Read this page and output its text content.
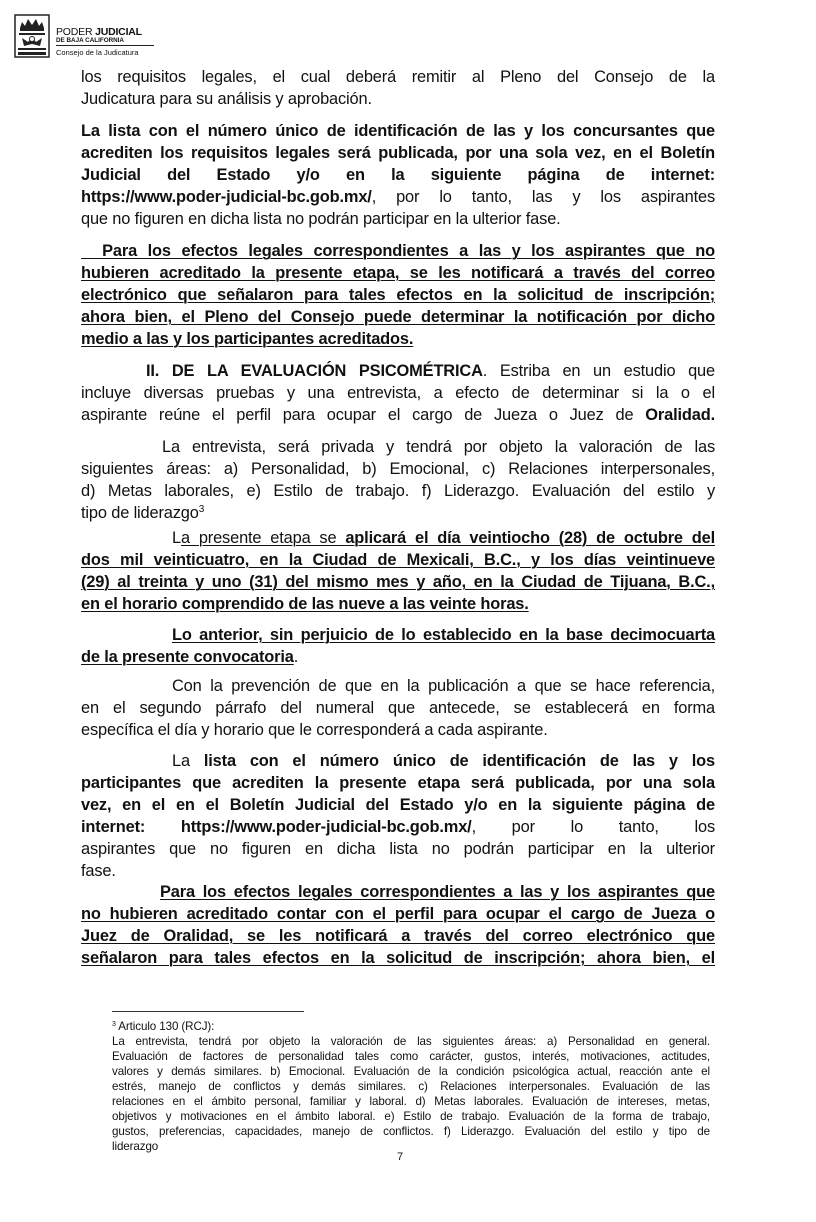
PODER JUDICIAL
DE BAJA CALIFORNIA
Consejo de la Judicatura
los requisitos legales, el cual deberá remitir al Pleno del Consejo de la
Judicatura para su análisis y aprobación.
La lista con el número único de identificación de las y los concursantes que
acrediten los requisitos legales será publicada, por una sola vez, en el Boletín
Judicial del Estado y/o en la siguiente página de internet:
https://www.poder-judicial-bc.gob.mx/, por lo tanto, las y los aspirantes
que no figuren en dicha lista no podrán participar en la ulterior fase.
Para los efectos legales correspondientes a las y los aspirantes que no
hubieren acreditado la presente etapa, se les notificará a través del correo
electrónico que señalaron para tales efectos en la solicitud de inscripción;
ahora bien, el Pleno del Consejo puede determinar la notificación por dicho
medio a las y los participantes acreditados.
II. DE LA EVALUACIÓN PSICOMÉTRICA. Estriba en un estudio que
incluye diversas pruebas y una entrevista, a efecto de determinar si la o el
aspirante reúne el perfil para ocupar el cargo de Jueza o Juez de Oralidad.
La entrevista, será privada y tendrá por objeto la valoración de las
siguientes áreas: a) Personalidad, b) Emocional, c) Relaciones interpersonales,
d) Metas laborales, e) Estilo de trabajo. f) Liderazgo. Evaluación del estilo y
tipo de liderazgo$^3$
La presente etapa se aplicará el día veintiocho (28) de octubre del
dos mil veinticuatro, en la Ciudad de Mexicali, B.C., y los días veintinueve
(29) al treinta y uno (31) del mismo mes y año, en la Ciudad de Tijuana, B.C.,
en el horario comprendido de las nueve a las veinte horas.
Lo anterior, sin perjuicio de lo establecido en la base decimocuarta
de la presente convocatoria.
Con la prevención de que en la publicación a que se hace referencia,
en el segundo párrafo del numeral que antecede, se establecerá en forma
específica el día y horario que le corresponderá a cada aspirante.
La lista con el número único de identificación de las y los
participantes que acrediten la presente etapa será publicada, por una sola
vez, en el en el Boletín Judicial del Estado y/o en la siguiente página de
internet: https://www.poder-judicial-bc.gob.mx/, por lo tanto, los
aspirantes que no figuren en dicha lista no podrán participar en la ulterior
fase.
Para los efectos legales correspondientes a las y los aspirantes que
no hubieren acreditado contar con el perfil para ocupar el cargo de Jueza o
Juez de Oralidad, se les notificará a través del correo electrónico que
señalaron para tales efectos en la solicitud de inscripción; ahora bien, el
$^3$ Articulo 130 (RCJ):
La entrevista, tendrá por objeto la valoración de las siguientes áreas: a) Personalidad en general.
Evaluación de factores de personalidad tales como carácter, gustos, interés, motivaciones, actitudes,
valores y demás similares. b) Emocional. Evaluación de la condición psicológica actual, reacción ante el
estrés, manejo de conflictos y demás similares. c) Relaciones interpersonales. Evaluación de las
relaciones en el ámbito personal, familiar y laboral. d) Metas laborales. Evaluación de intereses, metas,
objetivos y motivaciones en el ámbito laboral. e) Estilo de trabajo. Evaluación de la forma de trabajo,
gustos, preferencias, capacidades, manejo de conflictos. f) Liderazgo. Evaluación del estilo y tipo de
liderazgo
7
